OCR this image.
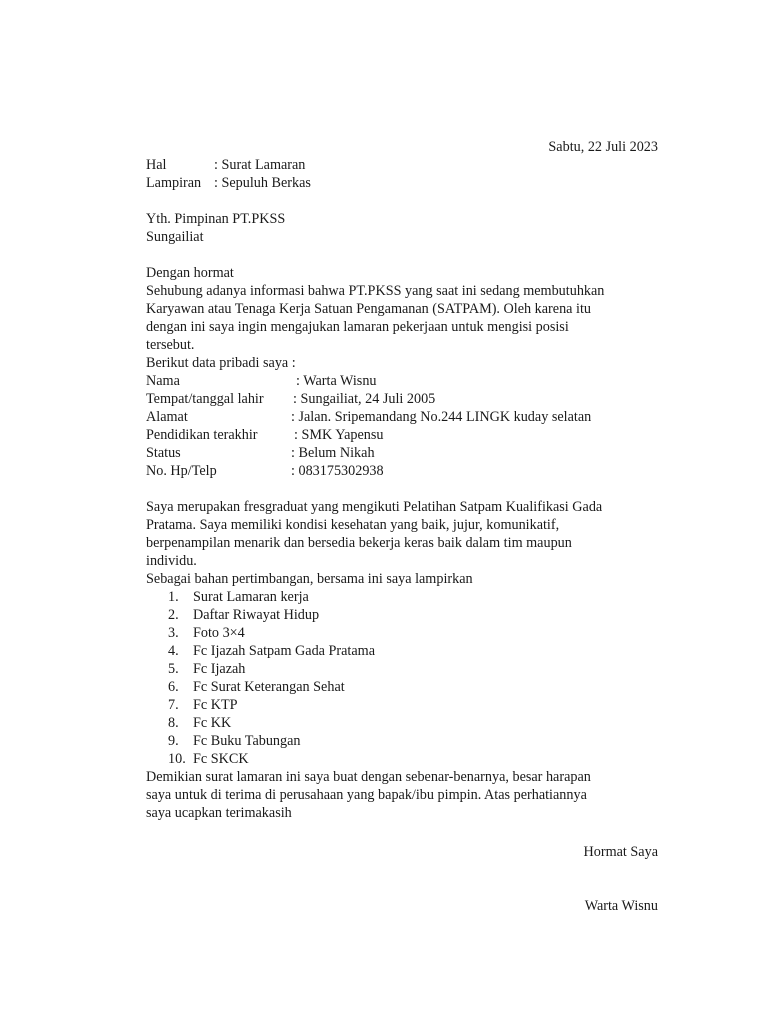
Sabtu, 22 Juli 2023
Hal	: Surat Lamaran
Lampiran : Sepuluh Berkas
Yth. Pimpinan PT.PKSS
Sungailiat
Dengan hormat
Sehubung adanya informasi bahwa PT.PKSS yang saat ini sedang membutuhkan
Karyawan atau Tenaga Kerja Satuan Pengamanan (SATPAM). Oleh karena itu
dengan ini saya ingin mengajukan lamaran pekerjaan untuk mengisi posisi
tersebut.
Berikut data pribadi saya :
Nama	: Warta Wisnu
Tempat/tanggal lahir : Sungailiat, 24 Juli 2005
Alamat	: Jalan. Sripemandang No.244 LINGK kuday selatan
Pendidikan terakhir	: SMK Yapensu
Status	: Belum Nikah
No. Hp/Telp	: 083175302938
Saya merupakan fresgraduat yang mengikuti Pelatihan Satpam Kualifikasi Gada
Pratama. Saya memiliki kondisi kesehatan yang baik, jujur, komunikatif,
berpenampilan menarik dan bersedia bekerja keras baik dalam tim maupun
individu.
Sebagai bahan pertimbangan, bersama ini saya lampirkan
1.	Surat Lamaran kerja
2.	Daftar Riwayat Hidup
3.	Foto 3×4
4.	Fc Ijazah Satpam Gada Pratama
5.	Fc Ijazah
6.	Fc Surat Keterangan Sehat
7.	Fc KTP
8.	Fc KK
9.	Fc Buku Tabungan
10. Fc SKCK
Demikian surat lamaran ini saya buat dengan sebenar-benarnya, besar harapan
saya untuk di terima di perusahaan yang bapak/ibu pimpin. Atas perhatiannya
saya ucapkan terimakasih
Hormat Saya
Warta Wisnu
